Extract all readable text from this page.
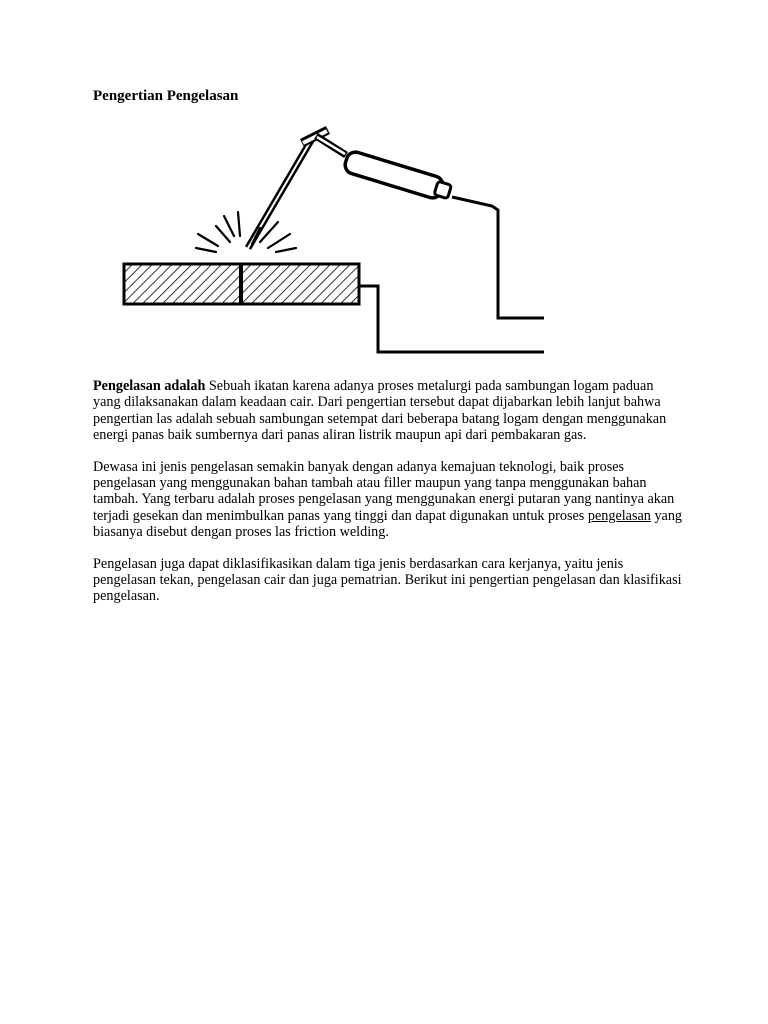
Pengertian Pengelasan

Pengelasan adalah Sebuah ikatan karena adanya proses metalurgi pada sambungan logam paduan yang dilaksanakan dalam keadaan cair. Dari pengertian tersebut dapat dijabarkan lebih lanjut bahwa pengertian las adalah sebuah sambungan setempat dari beberapa batang logam dengan menggunakan energi panas baik sumbernya dari panas aliran listrik maupun api dari pembakaran gas.

Dewasa ini jenis pengelasan semakin banyak dengan adanya kemajuan teknologi, baik proses pengelasan yang menggunakan bahan tambah atau filler maupun yang tanpa menggunakan bahan tambah. Yang terbaru adalah proses pengelasan yang menggunakan energi putaran yang nantinya akan terjadi gesekan dan menimbulkan panas yang tinggi dan dapat digunakan untuk proses pengelasan yang biasanya disebut dengan proses las friction welding.

Pengelasan juga dapat diklasifikasikan dalam tiga jenis berdasarkan cara kerjanya, yaitu jenis pengelasan tekan, pengelasan cair dan juga pematrian. Berikut ini pengertian pengelasan dan klasifikasi pengelasan.
